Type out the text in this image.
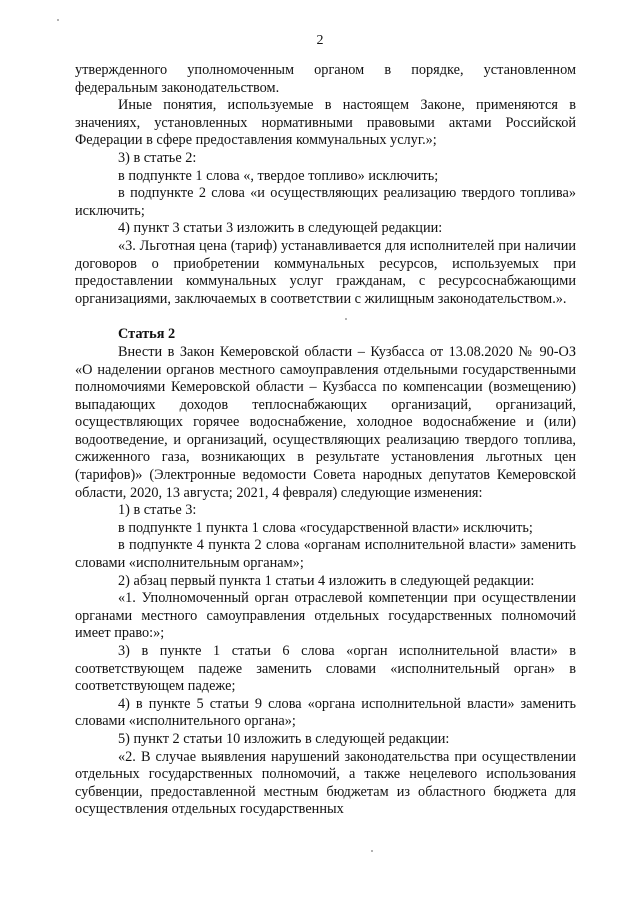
2

утвержденного уполномоченным органом в порядке, установленном федеральным законодательством.

Иные понятия, используемые в настоящем Законе, применяются в значениях, установленных нормативными правовыми актами Российской Федерации в сфере предоставления коммунальных услуг.»;

3) в статье 2:

в подпункте 1 слова «, твердое топливо» исключить;

в подпункте 2 слова «и осуществляющих реализацию твердого топлива» исключить;

4) пункт 3 статьи 3 изложить в следующей редакции:

«3. Льготная цена (тариф) устанавливается для исполнителей при наличии договоров о приобретении коммунальных ресурсов, используемых при предоставлении коммунальных услуг гражданам, с ресурсоснабжающими организациями, заключаемых в соответствии с жилищным законодательством.».

Статья 2

Внести в Закон Кемеровской области – Кузбасса от 13.08.2020 № 90-ОЗ «О наделении органов местного самоуправления отдельными государственными полномочиями Кемеровской области – Кузбасса по компенсации (возмещению) выпадающих доходов теплоснабжающих организаций, организаций, осуществляющих горячее водоснабжение, холодное водоснабжение и (или) водоотведение, и организаций, осуществляющих реализацию твердого топлива, сжиженного газа, возникающих в результате установления льготных цен (тарифов)» (Электронные ведомости Совета народных депутатов Кемеровской области, 2020, 13 августа; 2021, 4 февраля) следующие изменения:

1) в статье 3:

в подпункте 1 пункта 1 слова «государственной власти» исключить;

в подпункте 4 пункта 2 слова «органам исполнительной власти» заменить словами «исполнительным органам»;

2) абзац первый пункта 1 статьи 4 изложить в следующей редакции:

«1. Уполномоченный орган отраслевой компетенции при осуществлении органами местного самоуправления отдельных государственных полномочий имеет право:»;

3) в пункте 1 статьи 6 слова «орган исполнительной власти» в соответствующем падеже заменить словами «исполнительный орган» в соответствующем падеже;

4) в пункте 5 статьи 9 слова «органа исполнительной власти» заменить словами «исполнительного органа»;

5) пункт 2 статьи 10 изложить в следующей редакции:

«2. В случае выявления нарушений законодательства при осуществлении отдельных государственных полномочий, а также нецелевого использования субвенции, предоставленной местным бюджетам из областного бюджета для осуществления отдельных государственных
